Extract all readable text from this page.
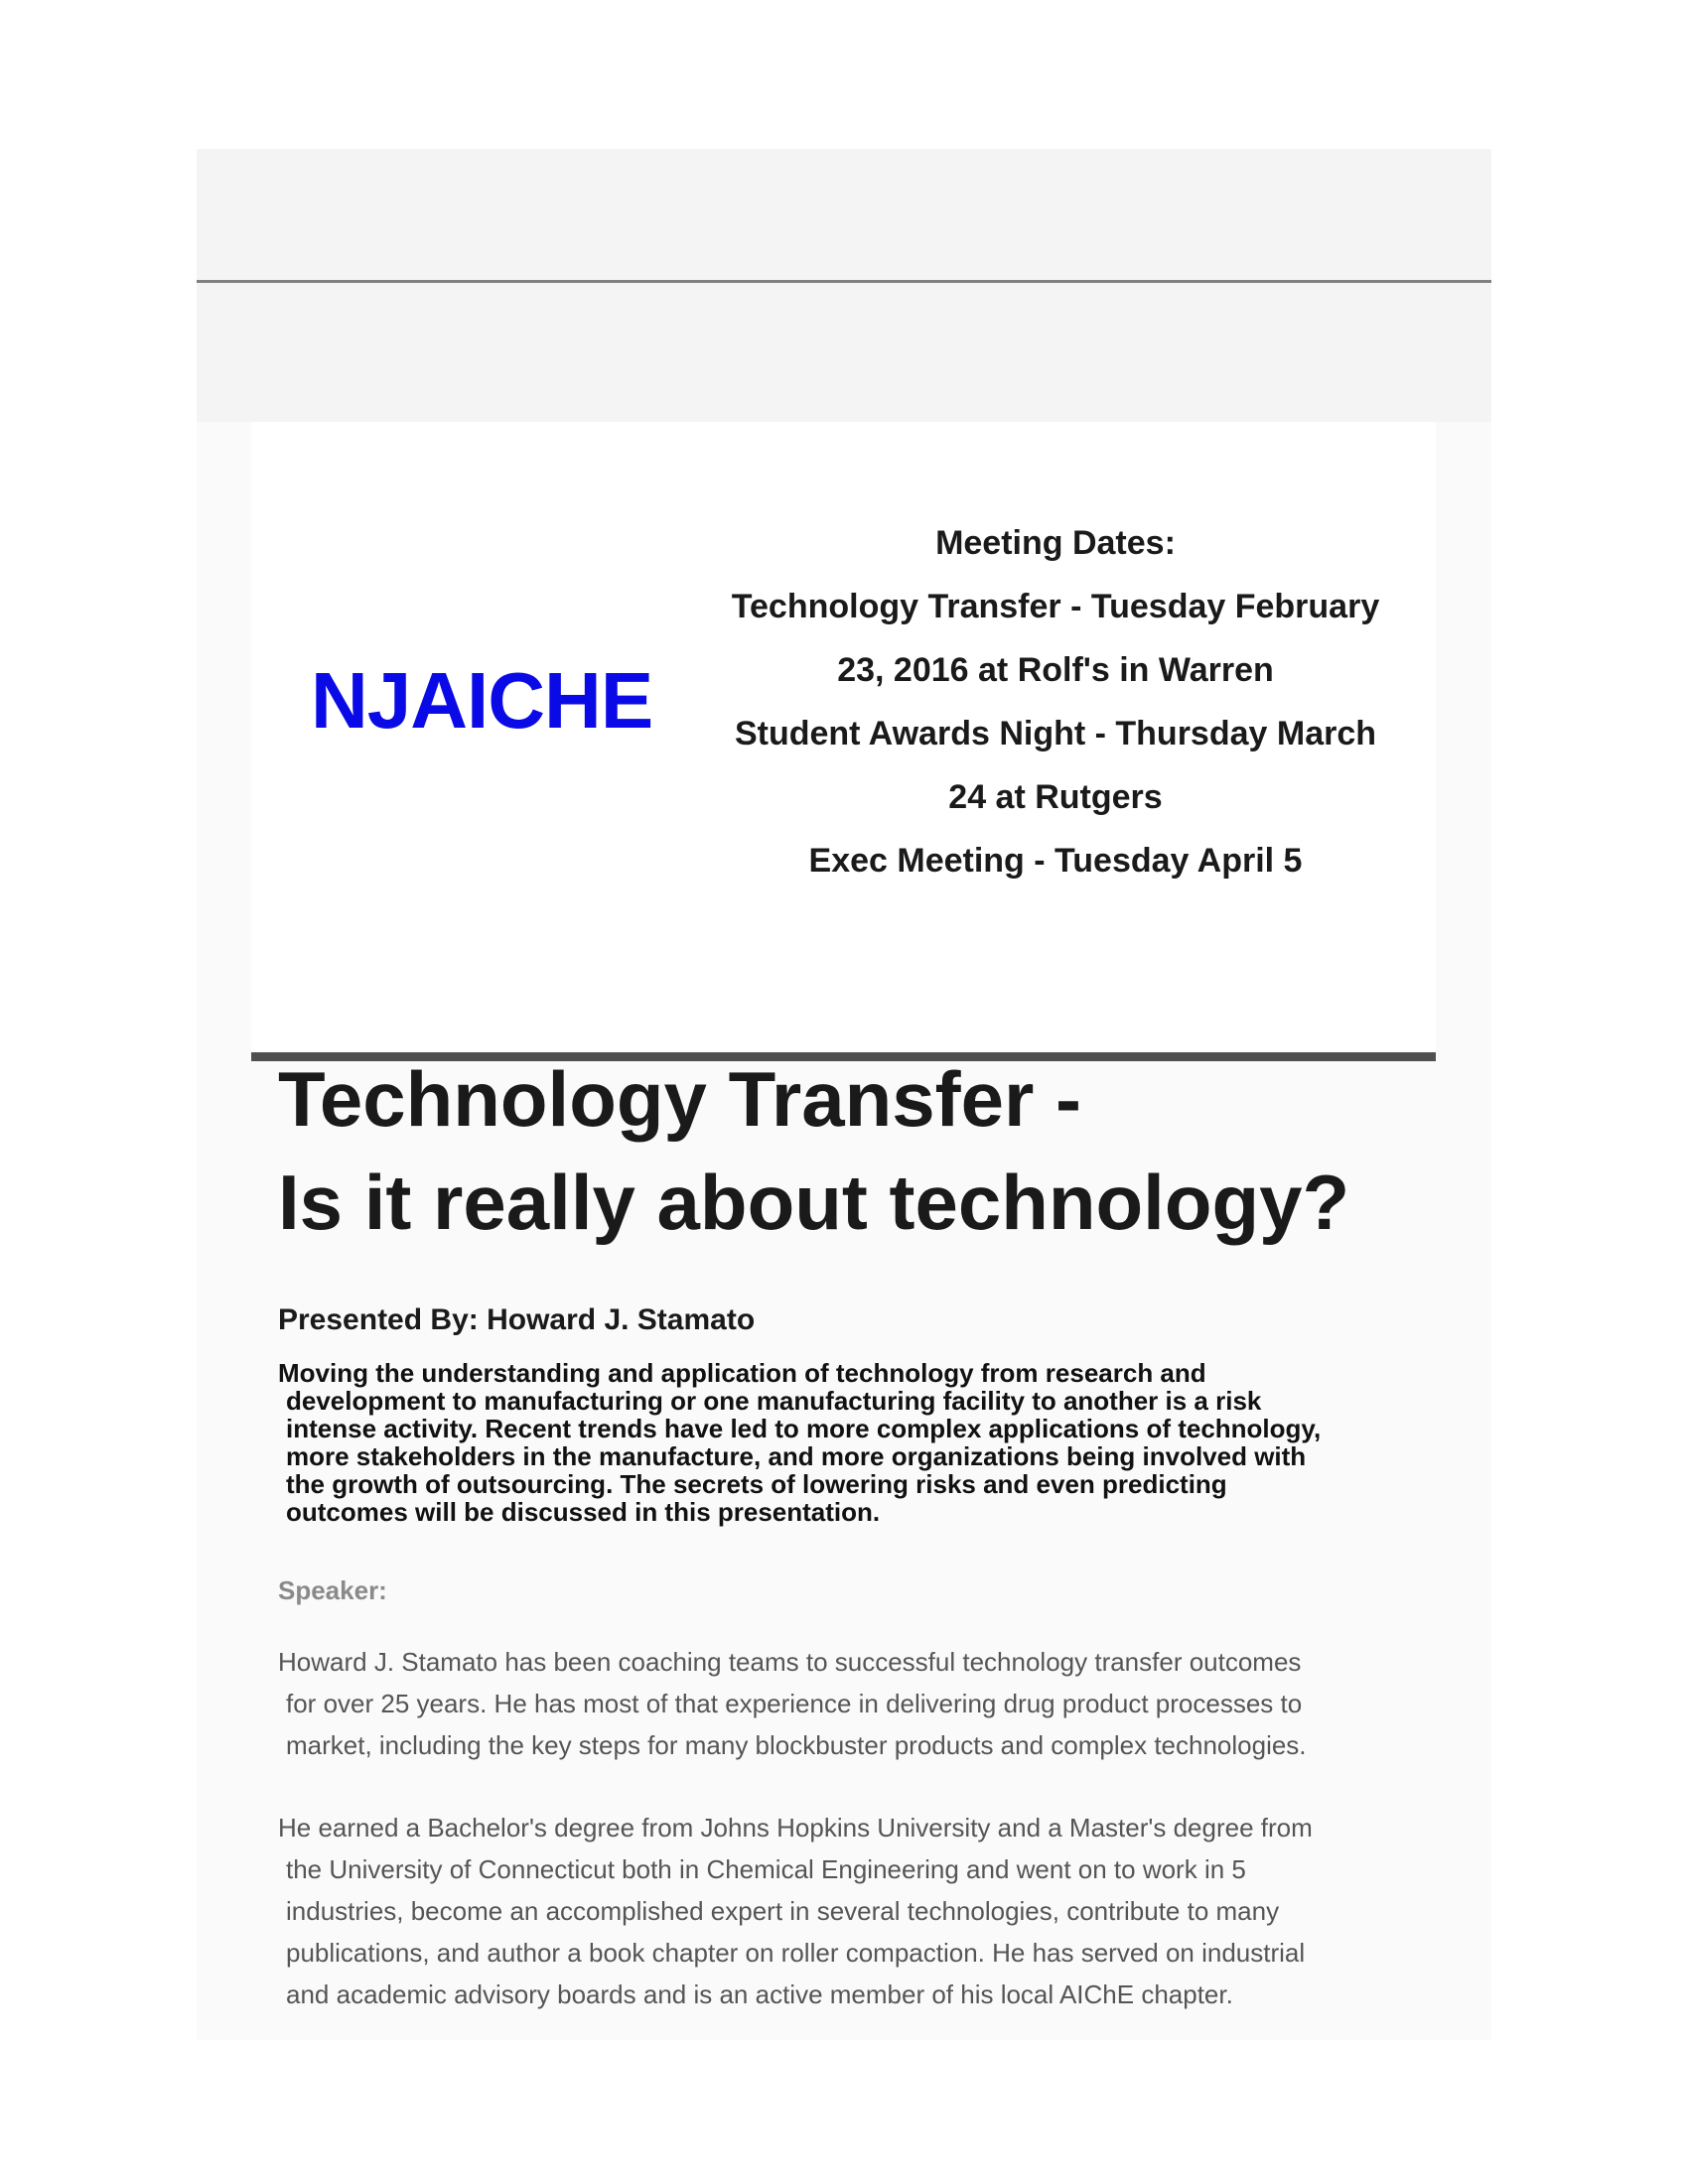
NJAICHE
Meeting Dates:
Technology Transfer - Tuesday February
23, 2016 at Rolf's in Warren
Student Awards Night - Thursday March
24 at Rutgers
Exec Meeting - Tuesday April 5
Technology Transfer -
Is it really about technology?
Presented By: Howard J. Stamato
Moving the understanding and application of technology from research and
development to manufacturing or one manufacturing facility to another is a risk
intense activity. Recent trends have led to more complex applications of technology,
more stakeholders in the manufacture, and more organizations being involved with
the growth of outsourcing. The secrets of lowering risks and even predicting
outcomes will be discussed in this presentation.
Speaker:
Howard J. Stamato has been coaching teams to successful technology transfer outcomes
for over 25 years. He has most of that experience in delivering drug product processes to
market, including the key steps for many blockbuster products and complex technologies.
He earned a Bachelor's degree from Johns Hopkins University and a Master's degree from
the University of Connecticut both in Chemical Engineering and went on to work in 5
industries, become an accomplished expert in several technologies, contribute to many
publications, and author a book chapter on roller compaction. He has served on industrial
and academic advisory boards and is an active member of his local AIChE chapter.
